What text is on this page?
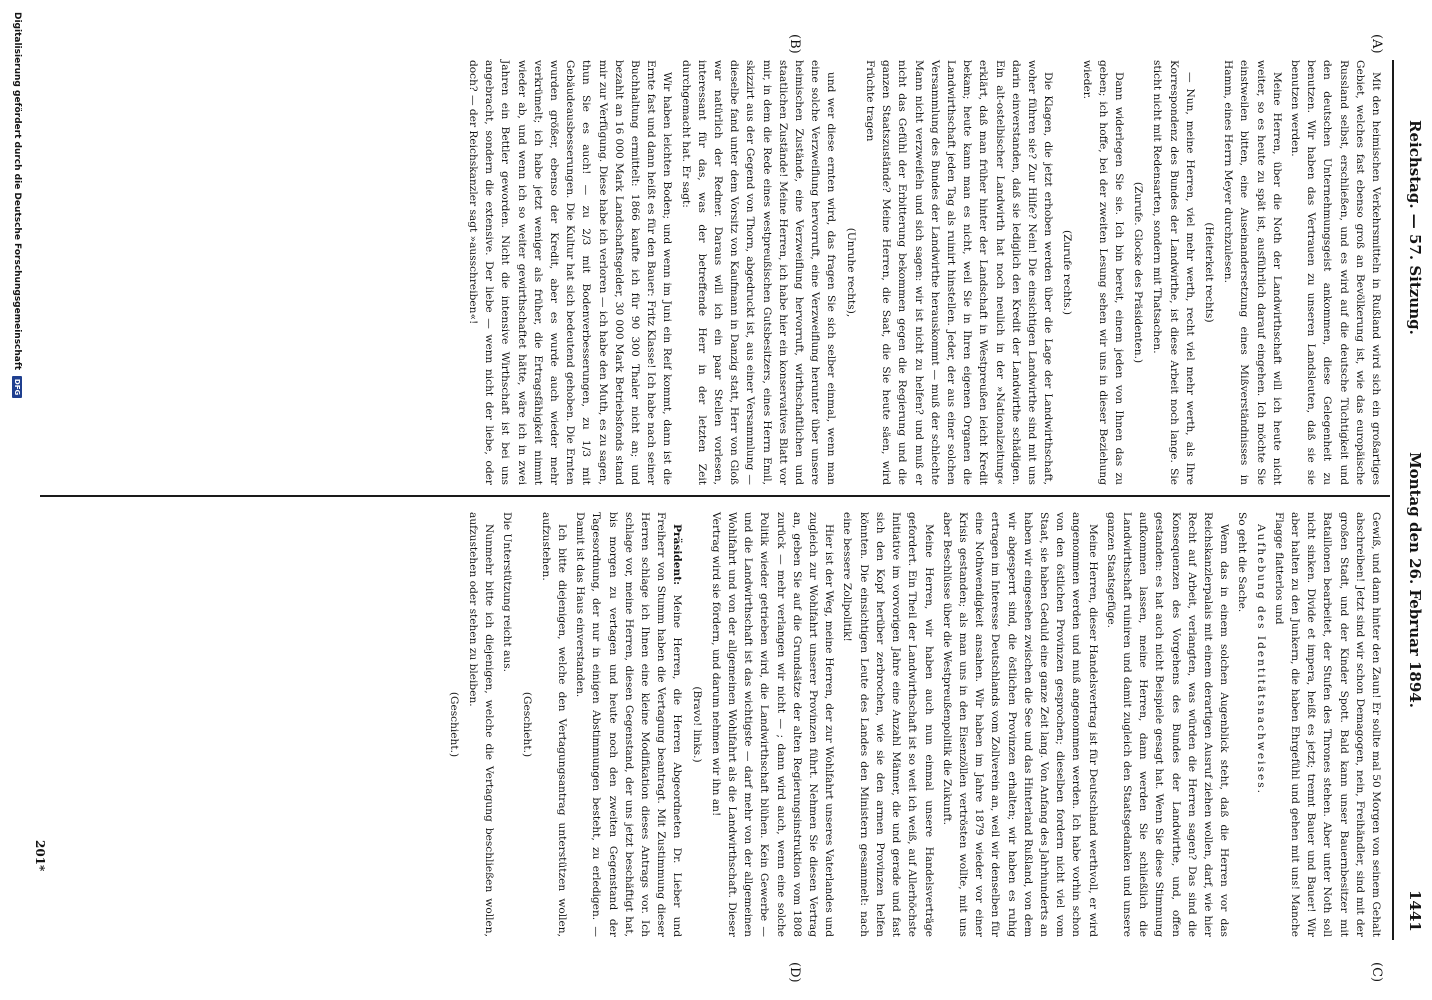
Reichstag. — 57. Sitzung.
Montag den 26. Februar 1894.
1441
(A)
(B)
(C)
(D)

Mit den heimischen Verkehrsmitteln in Rußland wird sich ein großartiges Gebiet, welches fast ebenso groß an Bevölkerung ist, wie das europäische Russland selbst, erschließen, und es wird auf die deutsche Tüchtigkeit und den deutschen Unternehmungsgeist ankommen, diese Gelegenheit zu benutzen. Wir haben das Vertrauen zu unseren Landsleuten, daß sie sie benutzen werden.

Meine Herren, über die Noth der Landwirthschaft will ich heute nicht weiter, so es heute zu spät ist, ausführlich darauf eingehen. Ich möchte Sie einstweilen bitten, eine Auseinandersetzung eines Mißverständnisses in Hamm, eines Herrn Meyer durchzulesen.

(Heiterkeit rechts)

— Nun, meine Herren, viel mehr werth, recht viel mehr werth, als Ihre Korrespondenz des Bundes der Landwirthe, ist diese Arbeit noch lange. Sie sticht nicht mit Redensarten, sondern mit Thatsachen.

(Zurufe. Glocke des Präsidenten.)

Dann widerlegen Sie sie. Ich bin bereit, einem jeden von Ihnen das zu geben; ich hoffe, bei der zweiten Lesung sehen wir uns in dieser Beziehung wieder.

(Zurufe rechts.)

Die Klagen, die jetzt erhoben werden über die Lage der Landwirthschaft, woher führen sie? Zur Hilfe? Nein! Die einsichtigen Landwirthe sind mit uns darin einverstanden, daß sie lediglich den Kredit der Landwirthe schädigen. Ein alt-ostelbischer Landwirth hat noch neulich in der »Nationalzeitung« erklärt, daß man früher hinter der Landschaft in Westpreußen leicht Kredit bekam; heute kann man es nicht, weil Sie in Ihren eigenen Organen die Landwirthschaft jeden Tag als ruinirt hinstellen. Jeder, der aus einer solchen Versammlung des Bundes der Landwirthe herauskommt — muß der schlechte Mann nicht verzweifeln und sich sagen: wir ist nicht zu helfen? und muß er nicht das Gefühl der Erbitterung bekommen gegen die Regierung und die ganzen Staatszustände? Meine Herren, die Saat, die Sie heute säen, wird Früchte tragen

(Unruhe rechts),

und wer diese ernten wird, das fragen Sie sich selber einmal, wenn man eine solche Verzweiflung hervorruft, eine Verzweiflung herunter über unsere heimischen Zustände, eine Verzweiflung hervorruft, wirthschaftlichen und staatlichen Zustände! Meine Herren, ich habe hier ein konservatives Blatt vor mir, in dem die Rede eines westpreußischen Gutsbesitzers, eines Herrn Emil, skizzirt aus der Gegend von Thorn, abgedruckt ist, aus einer Versammlung — dieselbe fand unter dem Vorsitz von Kaufmann in Danzig statt, Herr von Gloß war natürlich der Redner. Daraus will ich ein paar Stellen vorlesen, interessant für das, was der betreffende Herr in der letzten Zeit durchgemacht hat. Er sagt:

Wir haben leichten Boden; und wenn im Juni ein Reif kommt, dann ist die Ernte fast und dann heißt es für den Bauer: Fritz Klasse! Ich habe nach seiner Buchhaltung ermittelt: 1866 kaufte ich für 90 300 Thaler nicht an; und bezahlt an 16 000 Mark Landschaftsgelder, 30 000 Mark Betriebsfonds stand mir zur Verfügung. Diese habe ich verloren — ich habe den Muth, es zu sagen, thun Sie es auch! — zu 2/3 mit Bodenverbesserungen, zu 1/3 mit Gebäudeausbesserungen. Die Kultur hat sich bedeutend gehoben. Die Ernten wurden größer, ebenso der Kredit, aber es wurde auch wieder mehr verkrümelt; ich habe jetzt weniger als früher, die Ertragsfähigkeit nimmt wieder ab, und wenn ich so weiter gewirthschaftet hätte, wäre ich in zwei Jahren ein Bettler geworden. Nicht die intensive Wirthschaft ist bei uns angebracht, sondern die extensive. Der liebe — wenn nicht der liebe, oder doch? — der Reichskanzler sagt »ausschreiben«!

Gewiß, und dann hinter den Zaun! Er sollte mal 50 Morgen von seinem Gehalt abschreiben! Jetzt sind wir schon Demagogen, nein, Freihändler, sind mit der großen Stadt, und der Kinder Spott. Bald kann unser Bauernbesitzer mit Bataillonen bearbeitet, der Stufen des Thrones stehen. Aber unter Noth soll nicht sinken. Divide et impera, heißt es jetzt; trennt Bauer und Bauer! Wir aber halten zu den Junkern, die haben Ehrgefühl und gehen mit uns! Manche Flagge flatterlos und

Aufhebung des Identitätsnachweises.

So geht die Sache.

Wenn das in einem solchen Augenblick steht, daß die Herren vor das Reichskanzlerpalais mit einem derartigen Ausruf ziehen wollen, darf, wie hier Recht auf Arbeit, verlangten, was würden die Herren sagen? Das sind die Konsequenzen des Vorgehens des Bundes der Landwirthe, und, offen gestanden: es hat auch nicht Beispiele gesagt hat. Wenn Sie diese Stimmung aufkommen lassen, meine Herren, dann werden Sie schließlich die Landwirthschaft ruiniren und damit zugleich den Staatsgedanken und unsere ganzen Staatsgefüge.

Meine Herren, dieser Handelsvertrag ist für Deutschland werthvoll, er wird angenommen werden und muß angenommen werden. Ich habe vorhin schon von den östlichen Provinzen gesprochen; dieselben fordern nicht viel vom Staat, sie haben Geduld eine ganze Zeit lang. Von Anfang des Jahrhunderts an haben wir eingesehen zwischen die See und das Hinterland Rußland, von dem wir abgesperrt sind, die östlichen Provinzen erhalten; wir haben es ruhig ertragen im Interesse Deutschlands vom Zollverein an, weil wir denselben für eine Nothwendigkeit ansahen. Wir haben im Jahre 1879 wieder vor einer Krisis gestanden; als man uns in den Eisenzöllen vertrösten wollte, mit uns aber Beschlüsse über die Westpreußenpolitik die Zukunft.

Meine Herren, wir haben auch nun einmal unsere Handelsverträge gefordert. Ein Theil der Landwirthschaft ist so weit ich weiß, auf Allerhöchste Initiative im vorvorigen Jahre eine Anzahl Männer, die und gerade und fast sich den Kopf herüber zerbrochen, wie sie den armen Provinzen helfen könnten. Die einsichtigen Leute des Landes den Ministern gesammelt: nach eine bessere Zollpolitik!

Hier ist der Weg, meine Herren, der zur Wohlfahrt unseres Vaterlandes und zugleich zur Wohlfahrt unserer Provinzen führt. Nehmen Sie diesen Vertrag an, geben Sie auf die Grundsätze der alten Regierungsinstruktion vom 1808 zurück — mehr verlangen wir nicht — ; dann wird auch, wenn eine solche Politik wieder getrieben wird, die Landwirthschaft blühen. Kein Gewerbe — und die Landwirthschaft ist das wichtigste — darf mehr von der allgemeinen Wohlfahrt und von der allgemeinen Wohlfahrt als die Landwirthschaft. Dieser Vertrag wird sie fördern, und darum nehmen wir ihn an!

(Bravo! links.)

Präsident: Meine Herren, die Herren Abgeordneten Dr. Lieber und Freiherr von Stumm haben die Vertagung beantragt. Mit Zustimmung dieser Herren schlage ich Ihnen eine kleine Modifikation dieses Antrags vor. Ich schlage vor, meine Herren, diesen Gegenstand, der uns jetzt beschäftigt hat, bis morgen zu vertagen und heute noch den zweiten Gegenstand der Tagesordnung, der nur in einigen Abstimmungen besteht, zu erledigen. — Damit ist das Haus einverstanden.

Ich bitte diejenigen, welche den Vertagungsantrag unterstützen wollen, aufzustehen.

(Geschieht.)

Die Unterstützung reicht aus.

Nunmehr bitte ich diejenigen, welche die Vertagung beschließen wollen, aufzustehen oder stehen zu bleiben.

(Geschieht.)

201*
Digitalisierung gefördert durch die Deutsche Forschungsgemeinschaft
DFG
